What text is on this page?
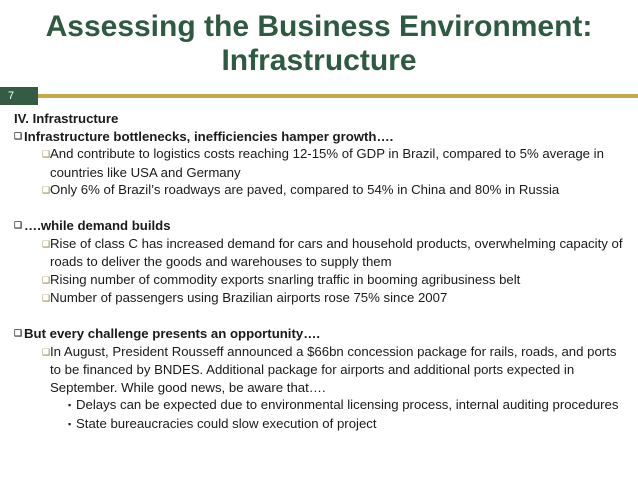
Assessing the Business Environment:
Infrastructure
7
IV. Infrastructure
❑ Infrastructure bottlenecks, inefficiencies hamper growth….
❑And contribute to logistics costs reaching 12-15% of GDP in Brazil, compared to 5% average in countries like USA and Germany
❑Only 6% of Brazil’s roadways are paved, compared to 54% in China and 80% in Russia
❑ ….while demand builds
❑Rise of class C has increased demand for cars and household products, overwhelming capacity of roads to deliver the goods and warehouses to supply them
❑Rising number of commodity exports snarling traffic in booming agribusiness belt
❑Number of passengers using Brazilian airports rose 75% since 2007
❑ But every challenge presents an opportunity….
❑In August, President Rousseff announced a $66bn concession package for rails, roads, and ports to be financed by BNDES. Additional package for airports and additional ports expected in September. While good news, be aware that….
▪ Delays can be expected due to environmental licensing process, internal auditing procedures
▪ State bureaucracies could slow execution of project
